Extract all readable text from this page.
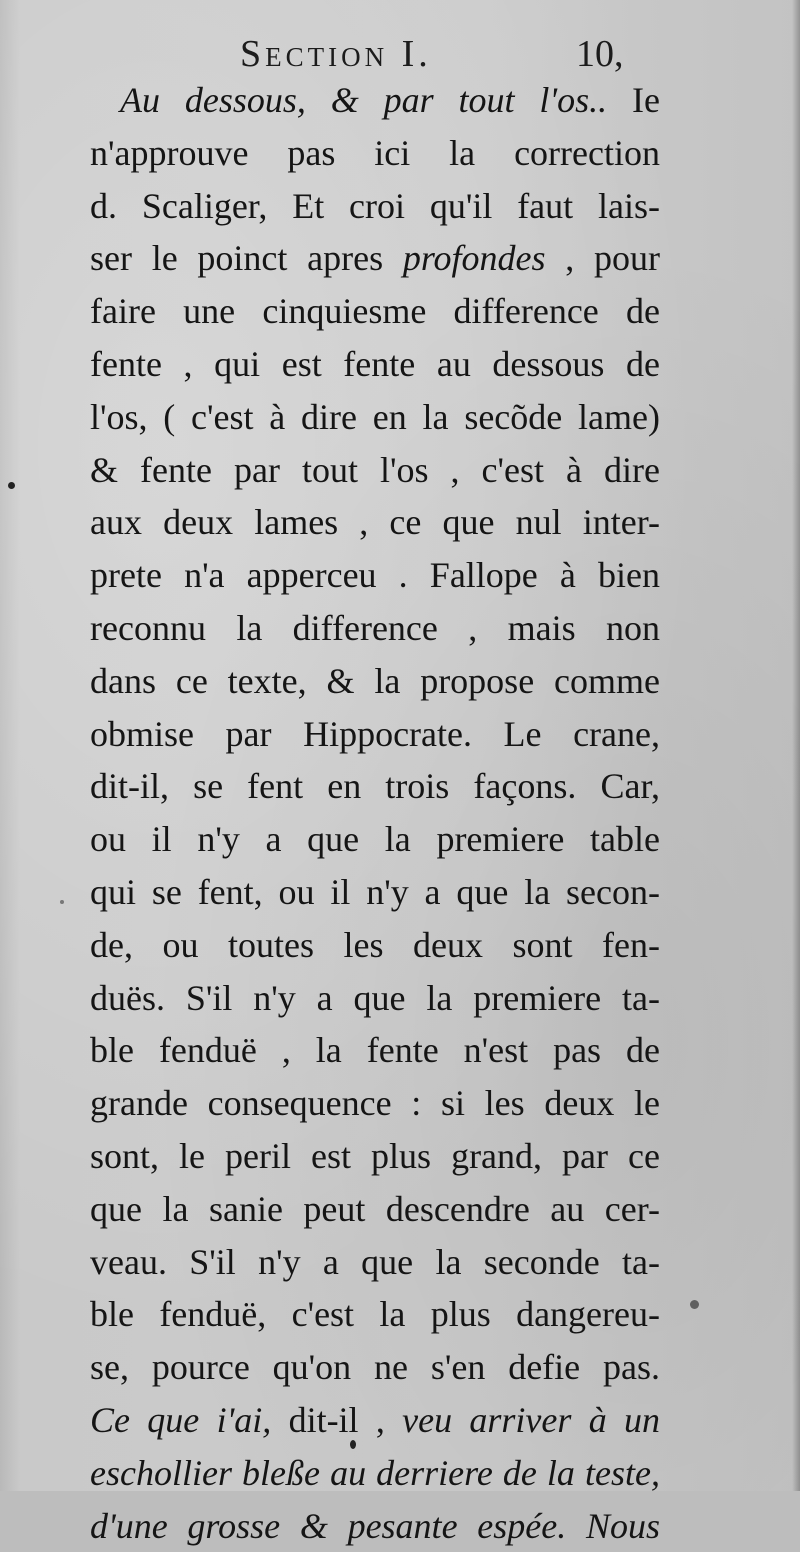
Section I.	10,
Au dessous, & par tout l'os.. Ie
n'approuve pas ici la correction
d. Scaliger, Et croi qu'il faut lais-
ser le poinct apres profondes , pour
faire une cinquiesme difference de
fente , qui est fente au dessous de
l'os, ( c'est à dire en la secõde lame)
& fente par tout l'os , c'est à dire
aux deux lames , ce que nul inter-
prete n'a apperceu . Fallope à bien
reconnu la difference , mais non
dans ce texte, & la propose comme
obmise par Hippocrate. Le crane,
dit-il, se fent en trois façons. Car,
ou il n'y a que la premiere table
qui se fent, ou il n'y a que la secon-
de, ou toutes les deux sont fen-
duës. S'il n'y a que la premiere ta-
ble fenduë , la fente n'est pas de
grande consequence : si les deux le
sont, le peril est plus grand, par ce
que la sanie peut descendre au cer-
veau. S'il n'y a que la seconde ta-
ble fenduë, c'est la plus dangereu-
se, pource qu'on ne s'en defie pas.
Ce que i'ai, dit-il , veu arriver à un
eschollier bleße au derriere de la teste,
d'une grosse & pesante espée. Nous
